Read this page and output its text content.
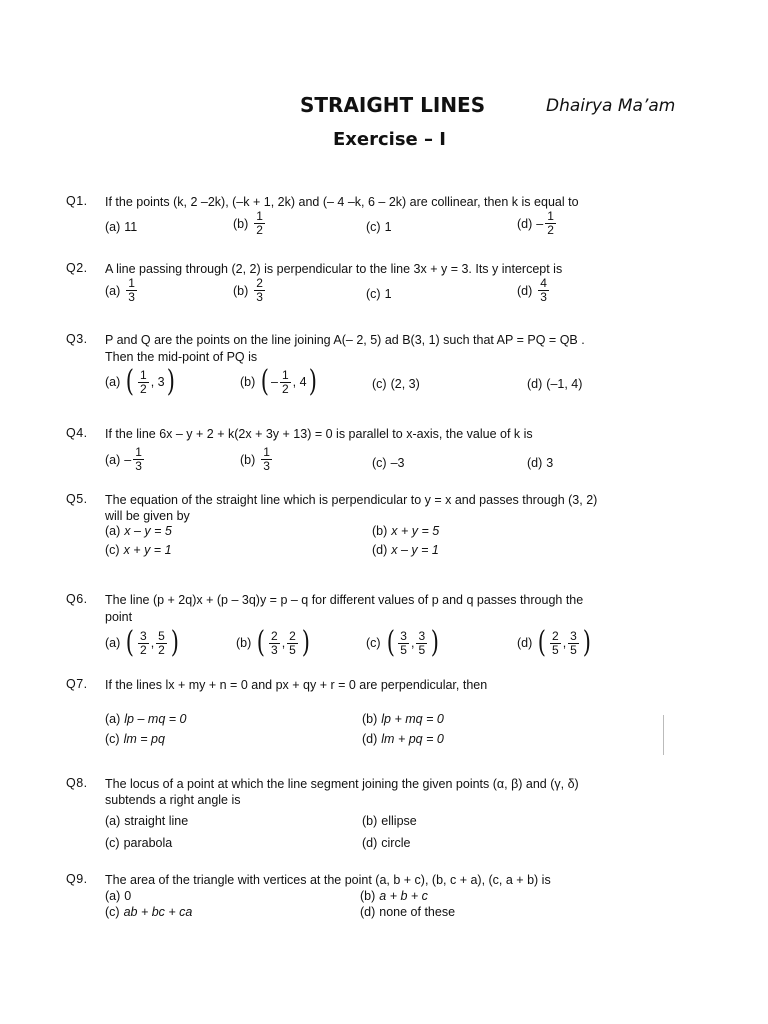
STRAIGHT LINES	Dhairya Ma’am
Exercise – I
Q1. If the points (k, 2 –2k), (–k + 1, 2k) and (– 4 –k, 6 – 2k) are collinear, then k is equal to
(a) 11	$(b) \frac{1}{2}$	(c) 1	$(d) - \frac{1}{2}$
Q2. A line passing through (2, 2) is perpendicular to the line 3x + y = 3. Its y intercept is
$(a) \frac{1}{3}$	$(b) \frac{2}{3}$	(c) 1	$(d) \frac{4}{3}$
Q3. P and Q are the points on the line joining A(– 2, 5) ad B(3, 1) such that AP = PQ = QB .
Then the mid-point of PQ is
(a) ( $\frac{1}{2}$ , 3 )	(b) ( – $\frac{1}{2}$ , 4 )	(c) (2, 3)	(d) (–1, 4)
Q4. If the line 6x – y + 2 + k(2x + 3y + 13) = 0 is parallel to x-axis, the value of k is
$(a) - \frac{1}{3}$	$(b) \frac{1}{3}$	(c) –3	(d) 3
Q5. The equation of the straight line which is perpendicular to y = x and passes through (3, 2)
will be given by
(a) x – y = 5	(b) x + y = 5
(c) x + y = 1	(d) x – y = 1
Q6. The line (p + 2q)x + (p – 3q)y = p – q for different values of p and q passes through the
point
(a) ( $\frac{3}{2}$ , $\frac{5}{2}$ )	(b) ( $\frac{2}{3}$ , $\frac{2}{5}$ )	(c) ( $\frac{3}{5}$ , $\frac{3}{5}$ )	(d) ( $\frac{2}{5}$ , $\frac{3}{5}$ )
Q7. If the lines lx + my + n = 0 and px + qy + r = 0 are perpendicular, then
(a) lp – mq = 0	(b) lp + mq = 0
(c) lm = pq	(d) lm + pq = 0
Q8. The locus of a point at which the line segment joining the given points (α, β) and (γ, δ)
subtends a right angle is
(a) straight line	(b) ellipse
(c) parabola	(d) circle
Q9. The area of the triangle with vertices at the point (a, b + c), (b, c + a), (c, a + b) is
(a) 0	(b) a + b + c
(c) ab + bc + ca	(d) none of these
